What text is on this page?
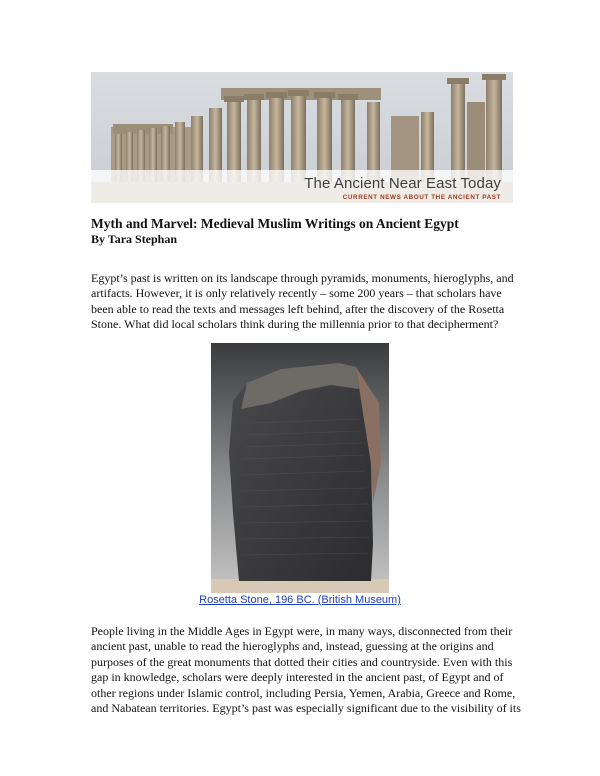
The Ancient Near East Today
CURRENT NEWS ABOUT THE ANCIENT PAST
Myth and Marvel: Medieval Muslim Writings on Ancient Egypt
By Tara Stephan
Egypt’s past is written on its landscape through pyramids, monuments, hieroglyphs, and
artifacts. However, it is only relatively recently – some 200 years – that scholars have
been able to read the texts and messages left behind, after the discovery of the Rosetta
Stone. What did local scholars think during the millennia prior to that decipherment?
Rosetta Stone, 196 BC. (British Museum)
People living in the Middle Ages in Egypt were, in many ways, disconnected from their
ancient past, unable to read the hieroglyphs and, instead, guessing at the origins and
purposes of the great monuments that dotted their cities and countryside. Even with this
gap in knowledge, scholars were deeply interested in the ancient past, of Egypt and of
other regions under Islamic control, including Persia, Yemen, Arabia, Greece and Rome,
and Nabatean territories. Egypt’s past was especially significant due to the visibility of its
